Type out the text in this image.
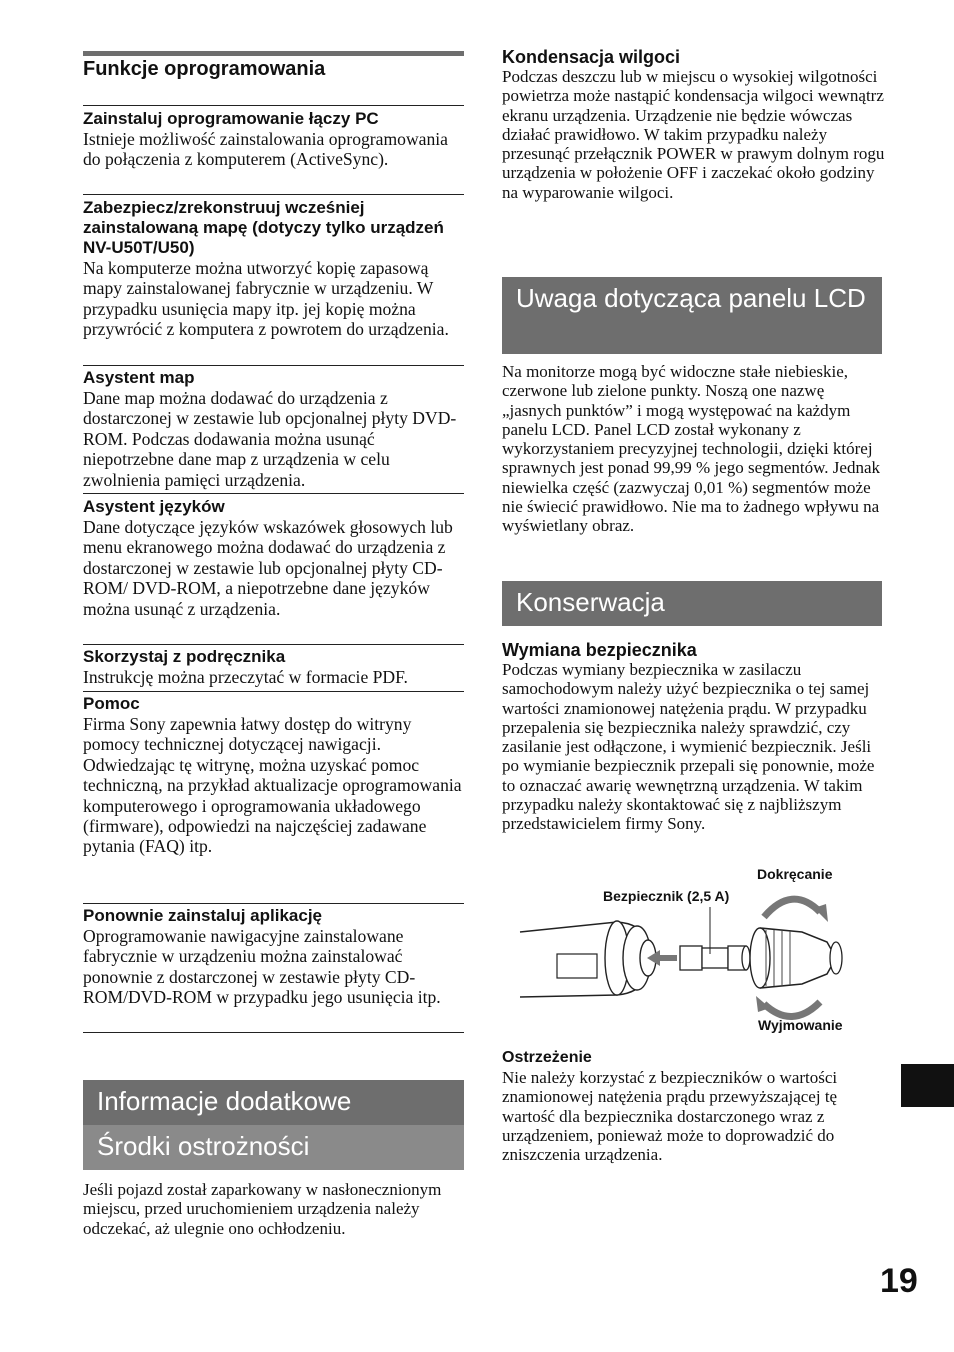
Funkcje oprogramowania

Zainstaluj oprogramowanie łączy PC

Istnieje możliwość zainstalowania oprogramowania do połączenia z komputerem (ActiveSync).

Zabezpiecz/zrekonstruuj wcześniej zainstalowaną mapę (dotyczy tylko urządzeń NV-U50T/U50)

Na komputerze można utworzyć kopię zapasową mapy zainstalowanej fabrycznie w urządzeniu. W przypadku usunięcia mapy itp. jej kopię można przywrócić z komputera z powrotem do urządzenia.

Asystent map

Dane map można dodawać do urządzenia z dostarczonej w zestawie lub opcjonalnej płyty DVD-ROM. Podczas dodawania można usunąć niepotrzebne dane map z urządzenia w celu zwolnienia pamięci urządzenia.

Asystent języków

Dane dotyczące języków wskazówek głosowych lub menu ekranowego można dodawać do urządzenia z dostarczonej w zestawie lub opcjonalnej płyty CD-ROM/ DVD-ROM, a niepotrzebne dane języków można usunąć z urządzenia.

Skorzystaj z podręcznika

Instrukcję można przeczytać w formacie PDF.

Pomoc

Firma Sony zapewnia łatwy dostęp do witryny pomocy technicznej dotyczącej nawigacji.

Odwiedzając tę witrynę, można uzyskać pomoc techniczną, na przykład aktualizacje oprogramowania komputerowego i oprogramowania układowego (firmware), odpowiedzi na najczęściej zadawane pytania (FAQ) itp.

Ponownie zainstaluj aplikację

Oprogramowanie nawigacyjne zainstalowane fabrycznie w urządzeniu można zainstalować ponownie z dostarczonej w zestawie płyty CD-ROM/DVD-ROM w przypadku jego usunięcia itp.

Informacje dodatkowe
Środki ostrożności

Jeśli pojazd został zaparkowany w nasłonecznionym miejscu, przed uruchomieniem urządzenia należy odczekać, aż ulegnie ono ochłodzeniu.

Kondensacja wilgoci

Podczas deszczu lub w miejscu o wysokiej wilgotności powietrza może nastąpić kondensacja wilgoci wewnątrz ekranu urządzenia. Urządzenie nie będzie wówczas działać prawidłowo. W takim przypadku należy przesunąć przełącznik POWER w prawym dolnym rogu urządzenia w położenie OFF i zaczekać około godziny na wyparowanie wilgoci.

Uwaga dotycząca panelu LCD

Na monitorze mogą być widoczne stałe niebieskie, czerwone lub zielone punkty. Noszą one nazwę „jasnych punktów” i mogą występować na każdym panelu LCD. Panel LCD został wykonany z wykorzystaniem precyzyjnej technologii, dzięki której sprawnych jest ponad 99,99 % jego segmentów. Jednak niewielka część (zazwyczaj 0,01 %) segmentów może nie świecić prawidłowo. Nie ma to żadnego wpływu na wyświetlany obraz.

Konserwacja

Wymiana bezpiecznika

Podczas wymiany bezpiecznika w zasilaczu samochodowym należy użyć bezpiecznika o tej samej wartości znamionowej natężenia prądu. W przypadku przepalenia się bezpiecznika należy sprawdzić, czy zasilanie jest odłączone, i wymienić bezpiecznik. Jeśli po wymianie bezpiecznik przepali się ponownie, może to oznaczać awarię wewnętrzną urządzenia. W takim przypadku należy skontaktować się z najbliższym przedstawicielem firmy Sony.

Dokręcanie
Bezpiecznik (2,5 A)
Wyjmowanie

Ostrzeżenie

Nie należy korzystać z bezpieczników o wartości znamionowej natężenia prądu przewyższającej tę wartość dla bezpiecznika dostarczonego wraz z urządzeniem, ponieważ może to doprowadzić do zniszczenia urządzenia.

19
